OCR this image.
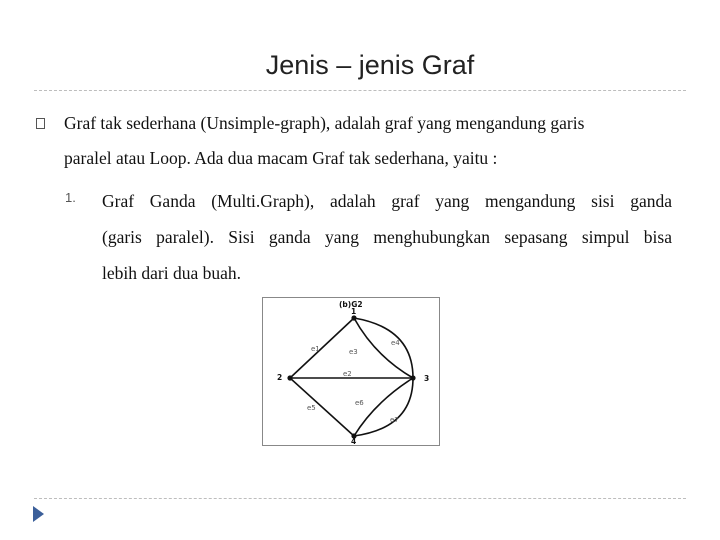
Jenis – jenis Graf
Graf tak sederhana (Unsimple-graph), adalah graf yang mengandung garis
paralel atau Loop. Ada dua macam Graf tak sederhana, yaitu :
1. Graf Ganda (Multi.Graph), adalah graf yang mengandung sisi ganda
(garis paralel). Sisi ganda yang menghubungkan sepasang simpul bisa
lebih dari dua buah.
(b)G2
1
2	3
4
e1
e2
e3
e4
e5
e6
e7
